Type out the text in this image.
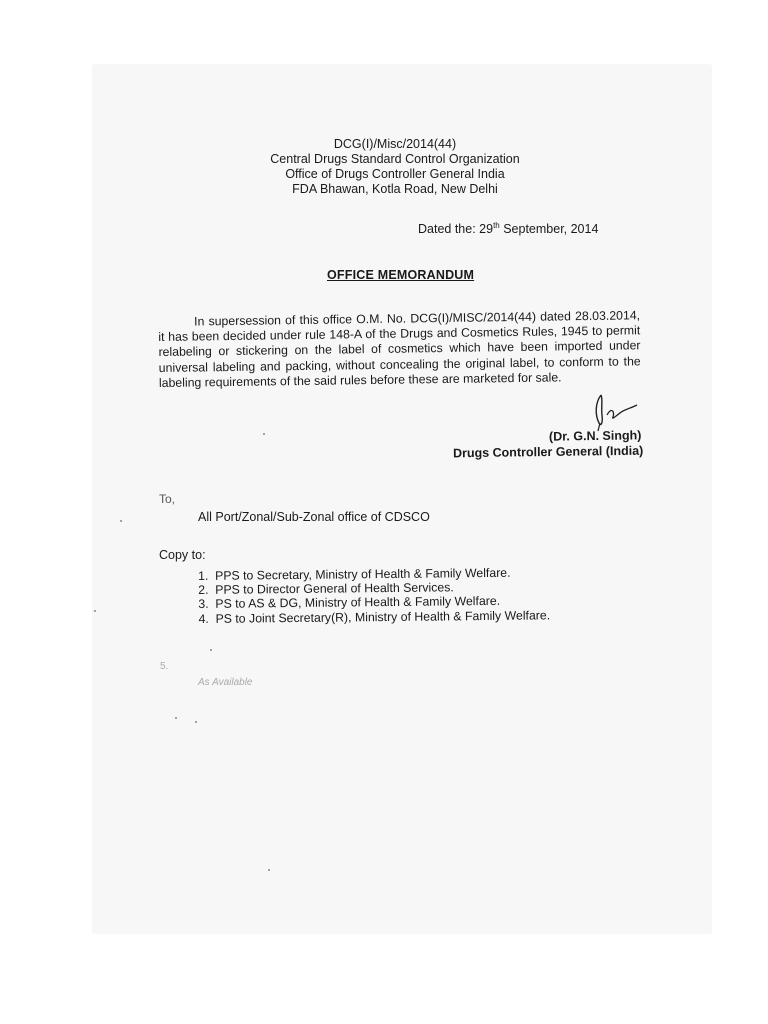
DCG(I)/Misc/2014(44)
Central Drugs Standard Control Organization
Office of Drugs Controller General India
FDA Bhawan, Kotla Road, New Delhi
Dated the: 29th September, 2014
OFFICE MEMORANDUM
In supersession of this office O.M. No. DCG(I)/MISC/2014(44) dated 28.03.2014, it has been decided under rule 148-A of the Drugs and Cosmetics Rules, 1945 to permit relabeling or stickering on the label of cosmetics which have been imported under universal labeling and packing, without concealing the original label, to conform to the labeling requirements of the said rules before these are marketed for sale.
(Dr. G.N. Singh)
Drugs Controller General (India)
To,
All Port/Zonal/Sub-Zonal office of CDSCO
Copy to:
1. PPS to Secretary, Ministry of Health & Family Welfare.
2. PPS to Director General of Health Services.
3. PS to AS & DG, Ministry of Health & Family Welfare.
4. PS to Joint Secretary(R), Ministry of Health & Family Welfare.
5.
As Available
